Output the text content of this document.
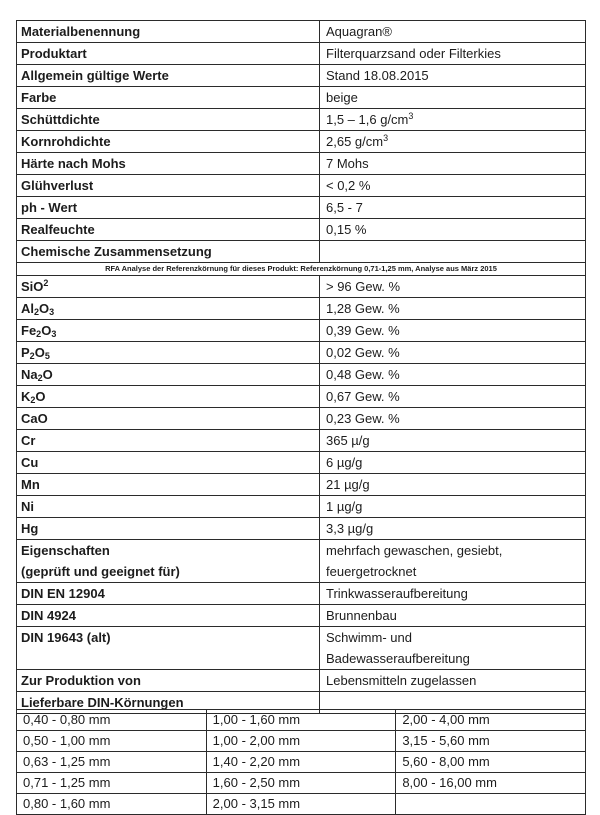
Materialbenennung	Aquagran®
Produktart	Filterquarzsand oder Filterkies
Allgemein gültige Werte	Stand 18.08.2015
Farbe	beige
Schüttdichte	1,5 – 1,6 $g/cm^3$
Kornrohdichte	2,65 $g/cm^3$
Härte nach Mohs	7 Mohs
Glühverlust	< 0,2 %
ph - Wert	6,5 - 7
Realfeuchte	0,15 %
Chemische Zusammensetzung	
RFA Analyse der Referenzkörnung für dieses Produkt: Referenzkörnung 0,71-1,25 mm, Analyse aus März 2015	
SiO$^2$	> 96 Gew. %
$Al_2O_3$	1,28 Gew. %
$Fe_2O_3$	0,39 Gew. %
$P_2O_5$	0,02 Gew. %
$Na_2O$	0,48 Gew. %
$K_2O$	0,67 Gew. %
CaO	0,23 Gew. %
Cr	365 µ/g
Cu	6 µg/g
Mn	21 µg/g
Ni	1 µg/g
Hg	3,3 µg/g

Eigenschaften
(geprüft und geeignet für)	mehrfach gewaschen, gesiebt,
feuergetrocknet

DIN EN 12904	Trinkwasseraufbereitung
DIN 4924	Brunnenbau
DIN 19643 (alt)	Schwimm- und
Badewasseraufbereitung

Zur Produktion von	Lebensmitteln zugelassen
Lieferbare DIN-Körnungen	
0,40 - 0,80 mm	1,00 - 1,60 mm	2,00 - 4,00 mm
0,50 - 1,00 mm	1,00 - 2,00 mm	3,15 - 5,60 mm
0,63 - 1,25 mm	1,40 - 2,20 mm	5,60 - 8,00 mm
0,71 - 1,25 mm	1,60 - 2,50 mm	8,00 - 16,00 mm
0,80 - 1,60 mm	2,00 - 3,15 mm	
